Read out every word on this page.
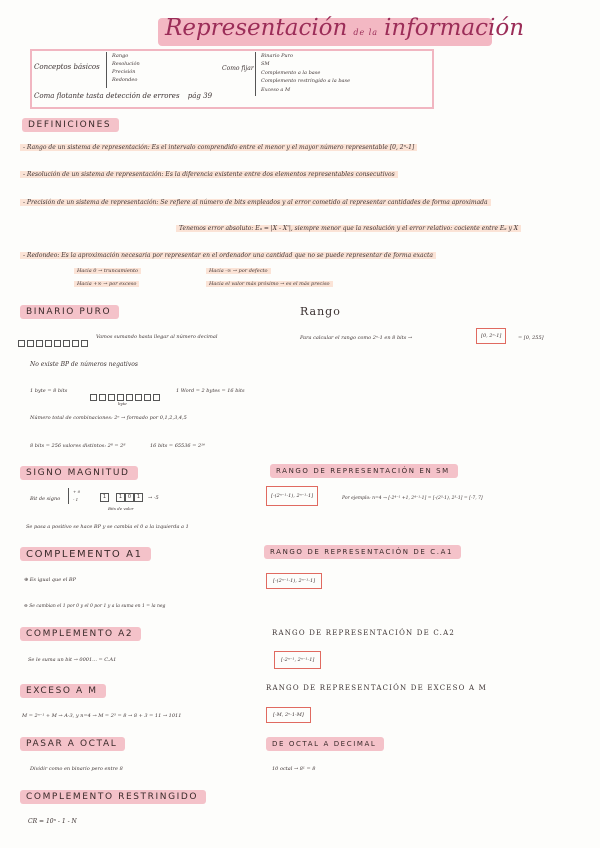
Representación de la información
Conceptos básicos
Rango
Resolución
Precisión
Redondeo
Como fijar
Binario Puro
SM
Complemento a la base
Complemento restringido a la base
Exceso a M
Coma flotante tasta detección de errores pág 39
DEFINICIONES
- Rango de un sistema de representación: Es el intervalo comprendido entre el menor y el mayor número representable [0, 2ⁿ-1]
- Resolución de un sistema de representación: Es la diferencia existente entre dos elementos representables consecutivos
- Precisión de un sistema de representación: Se refiere al número de bits empleados y al error cometido al representar cantidades de forma aproximada
Tenemos error absoluto: Eₐ = |X - X'|, siempre menor que la resolución y el error relativo: cociente entre Eₐ y X
- Redondeo: Es la aproximación necesaria por representar en el ordenador una cantidad que no se puede representar de forma exacta
Hacia 0 → truncamiento
Hacia +∞ → por exceso
Hacia -∞ → por defecto
Hacia el valor más próximo → es el más preciso
BINARIO PURO
Vamos sumando hasta llegar al número decimal
No existe BP de números negativos
1 byte = 8 bits
byte
1 Word = 2 bytes = 16 bits
Número total de combinaciones: 2ⁿ → formado por 0,1,2,3,4,5
8 bits = 256 valores distintos: 2⁸ = 2⁸	16 bits = 65536 = 2¹⁶
Rango
Para calcular el rango como 2ⁿ-1 en 8 bits →	[0, 2ⁿ-1]	= [0, 255]
SIGNO MAGNITUD
Bit de signo
+ 0
- 1	1	1 0 1	→ -5
Bits de valor
Se pasa a positivo se hace BP y se cambia el 0 a la izquierda a 1
RANGO DE REPRESENTACIÓN EN SM
[-(2ⁿ⁻¹-1), 2ⁿ⁻¹-1]	Por ejemplo: n=4 → [-2⁴⁻¹ +1, 2⁴⁻¹-1] = [-(2³-1), 2³-1] = [-7, 7]
COMPLEMENTO A1
⊕ Es igual que el BP
⊖ Se cambian el 1 por 0 y el 0 por 1 y a la suma en 1 = la neg
RANGO DE REPRESENTACIÓN DE C.A1
[-(2ⁿ⁻¹-1), 2ⁿ⁻¹-1]
COMPLEMENTO A2
Se le suma un bit → 0001... = C.A1
RANGO DE REPRESENTACIÓN DE C.A2
[-2ⁿ⁻¹, 2ⁿ⁻¹-1]
EXCESO A M
M = 2ⁿ⁻¹ + M → A-3, y n=4 → M = 2³ = 8 → 8 + 3 = 11 → 1011
RANGO DE REPRESENTACIÓN DE EXCESO A M
[-M, 2ⁿ-1-M]
PASAR A OCTAL
Dividir como en binario pero entre 8
DE OCTAL A DECIMAL
10 octal → 8¹ = 8
COMPLEMENTO RESTRINGIDO
CR = 10ⁿ - 1 - N
